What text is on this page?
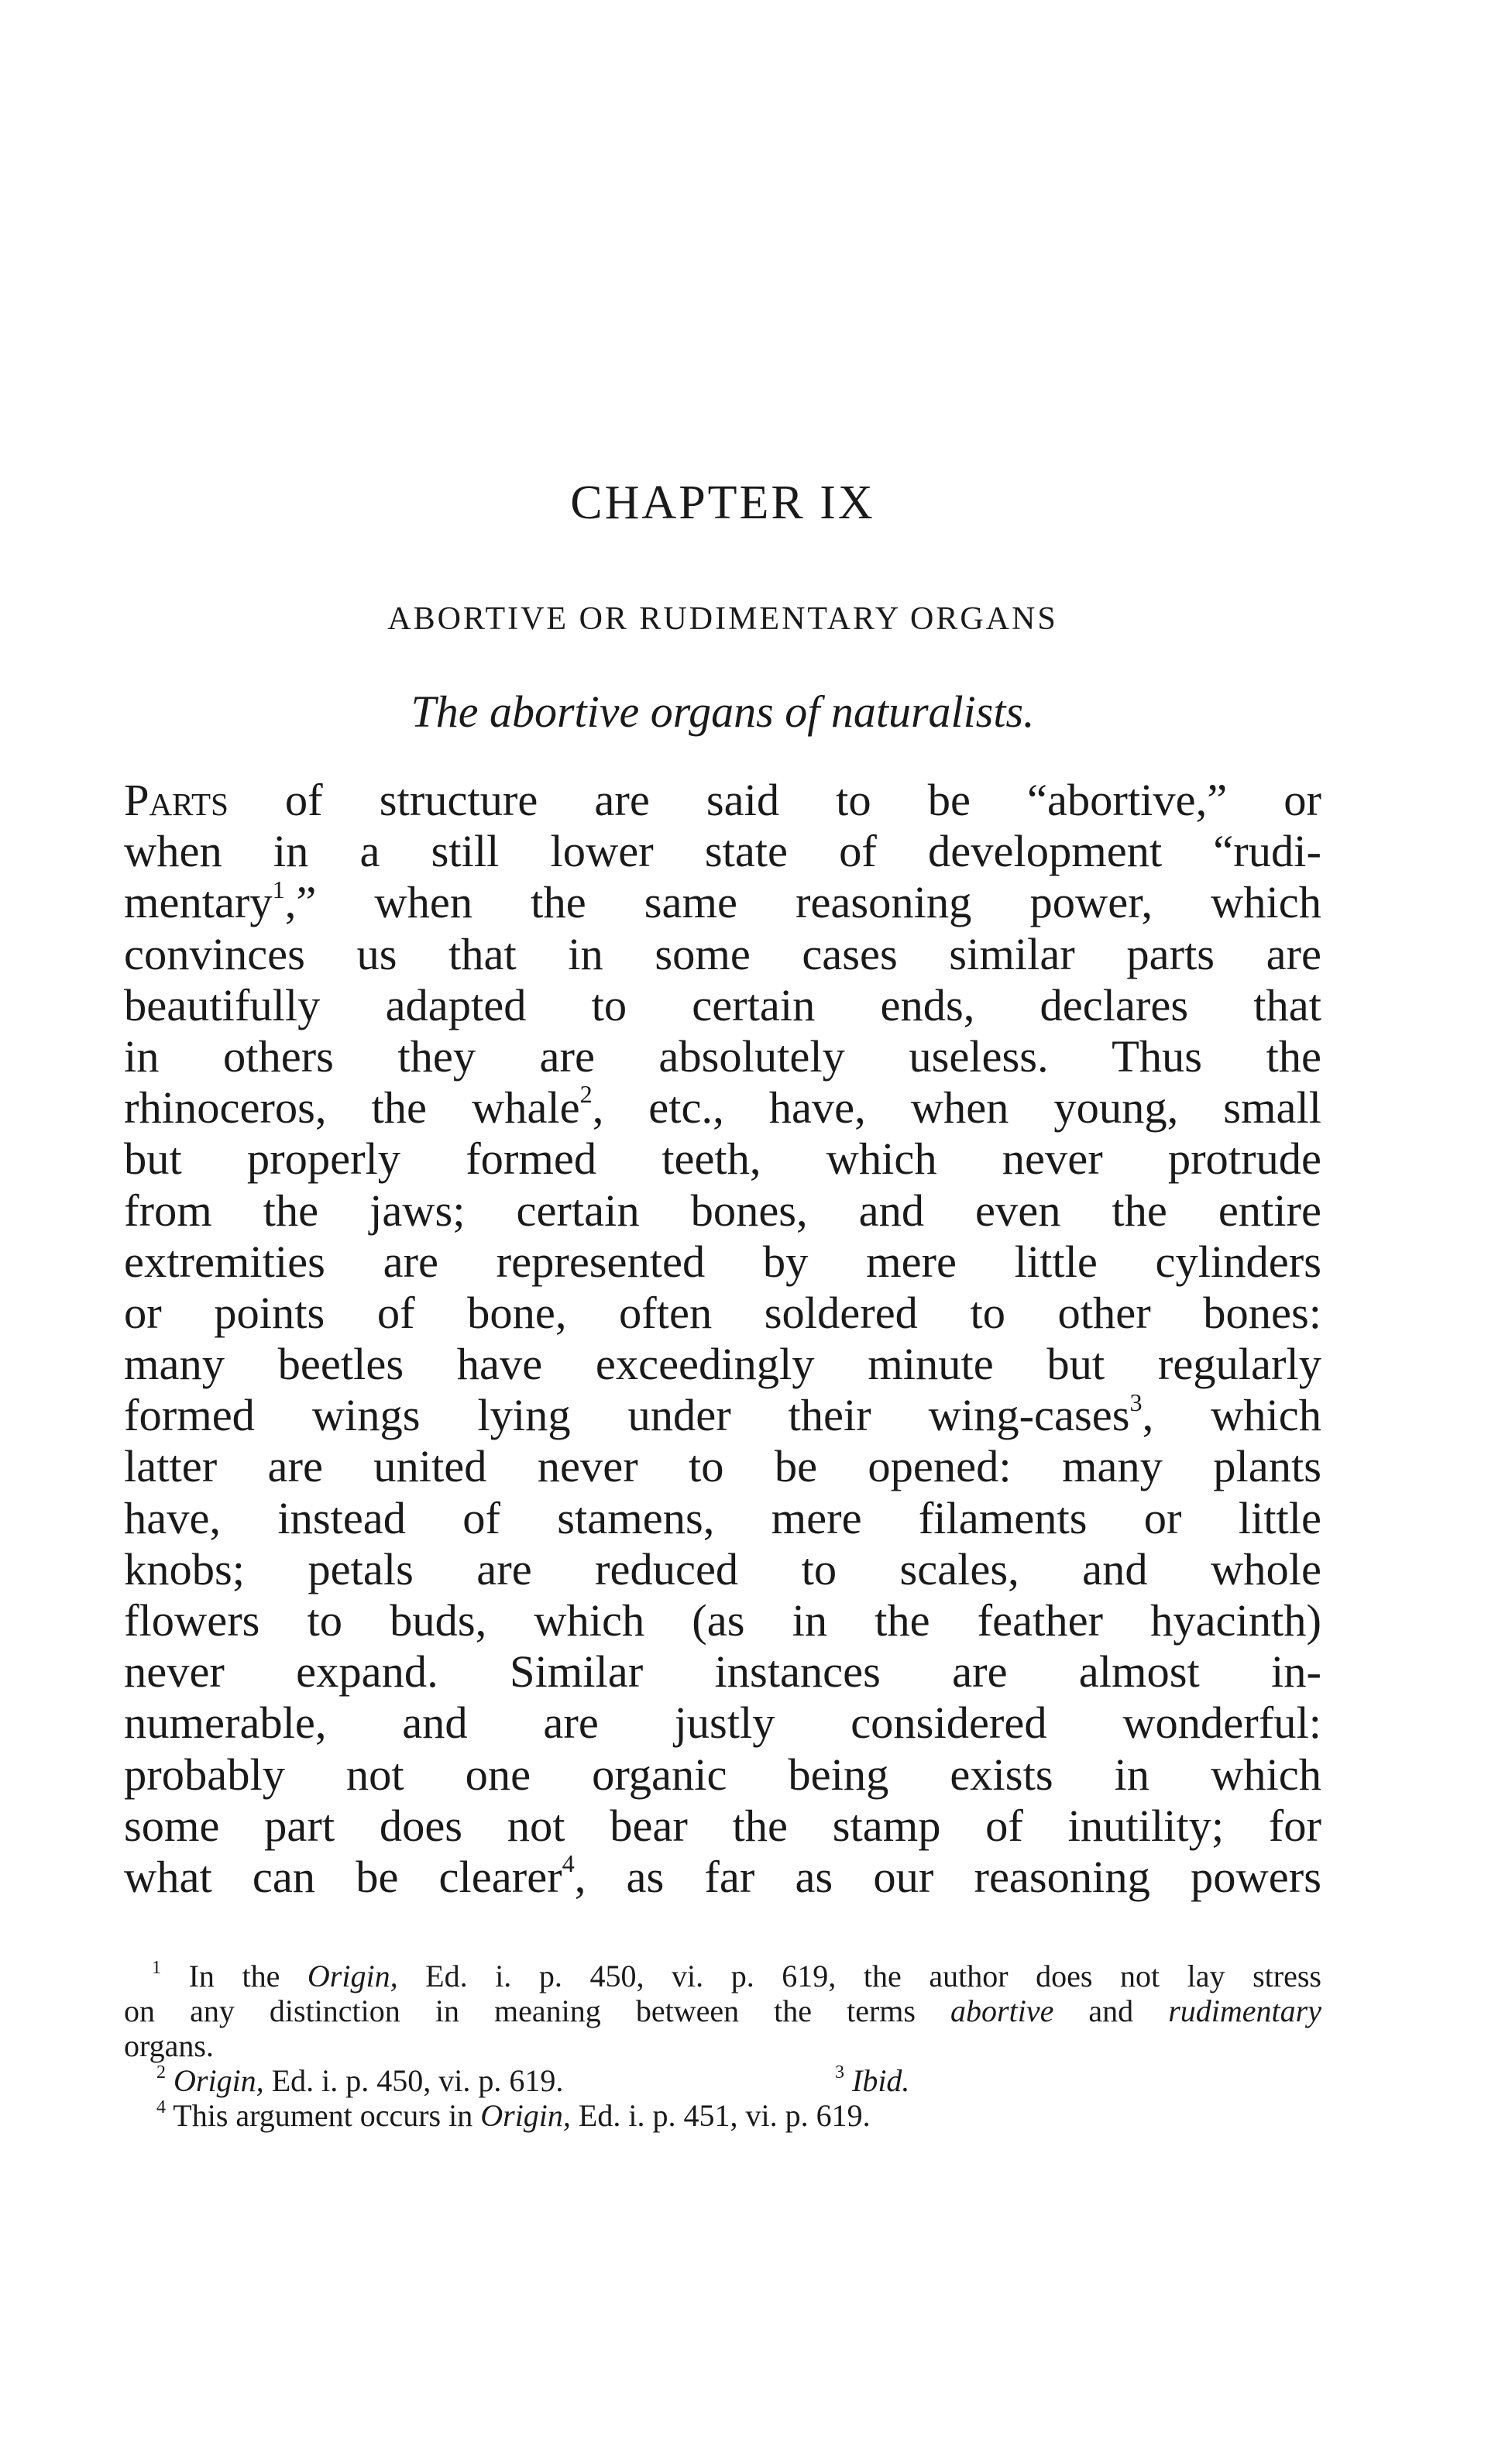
CHAPTER IX
ABORTIVE OR RUDIMENTARY ORGANS
The abortive organs of naturalists.
Parts of structure are said to be “abortive,” or
when in a still lower state of development “rudi-
mentary$^1$,” when the same reasoning power, which
convinces us that in some cases similar parts are
beautifully adapted to certain ends, declares that
in others they are absolutely useless. Thus the
rhinoceros, the whale$^2$, etc., have, when young, small
but properly formed teeth, which never protrude
from the jaws; certain bones, and even the entire
extremities are represented by mere little cylinders
or points of bone, often soldered to other bones:
many beetles have exceedingly minute but regularly
formed wings lying under their wing-cases$^3$, which
latter are united never to be opened: many plants
have, instead of stamens, mere filaments or little
knobs; petals are reduced to scales, and whole
flowers to buds, which (as in the feather hyacinth)
never expand. Similar instances are almost in-
numerable, and are justly considered wonderful:
probably not one organic being exists in which
some part does not bear the stamp of inutility; for
what can be clearer$^4$, as far as our reasoning powers
$^1$ In the Origin, Ed. i. p. 450, vi. p. 619, the author does not lay stress
on any distinction in meaning between the terms abortive and rudimentary
organs.
$^2$ Origin, Ed. i. p. 450, vi. p. 619.	$^3$ Ibid.
$^4$ This argument occurs in Origin, Ed. i. p. 451, vi. p. 619.
